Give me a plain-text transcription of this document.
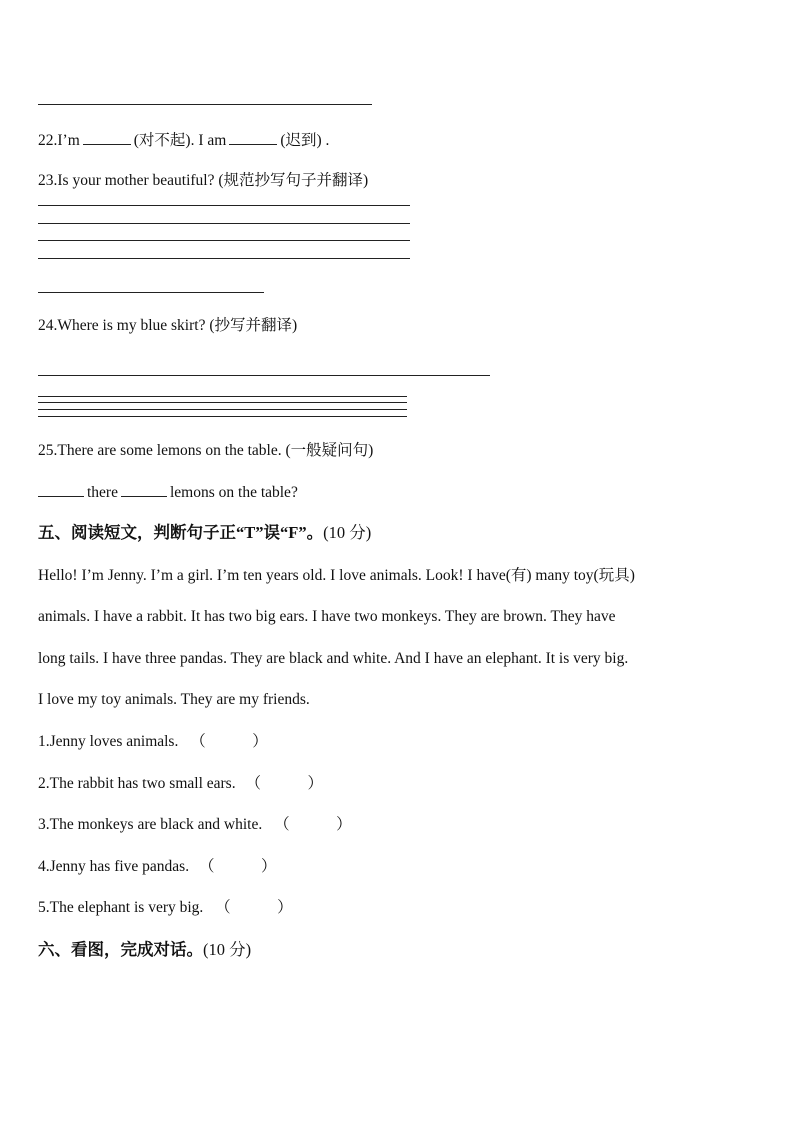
22.I’m	(对不起). I am	(迟到) .
23.Is your mother beautiful? (规范抄写句子并翻译)
24.Where is my blue skirt? (抄写并翻译)
25.There are some lemons on the table. (一般疑问句)
there	lemons on the table?
五、阅读短文，判断句子正“T”误“F”。(10 分)
Hello! I’m Jenny. I’m a girl. I’m ten years old. I love animals. Look! I have(有) many toy(玩具)
animals. I have a rabbit. It has two big ears. I have two monkeys. They are brown. They have
long tails. I have three pandas. They are black and white. And I have an elephant. It is very big.
I love my toy animals. They are my friends.
1.Jenny loves animals. （　　　）
2.The rabbit has two small ears. （　　　）
3.The monkeys are black and white. （　　　）
4.Jenny has five pandas. （　　　）
5.The elephant is very big. （　　　）
六、看图，完成对话。(10 分)
